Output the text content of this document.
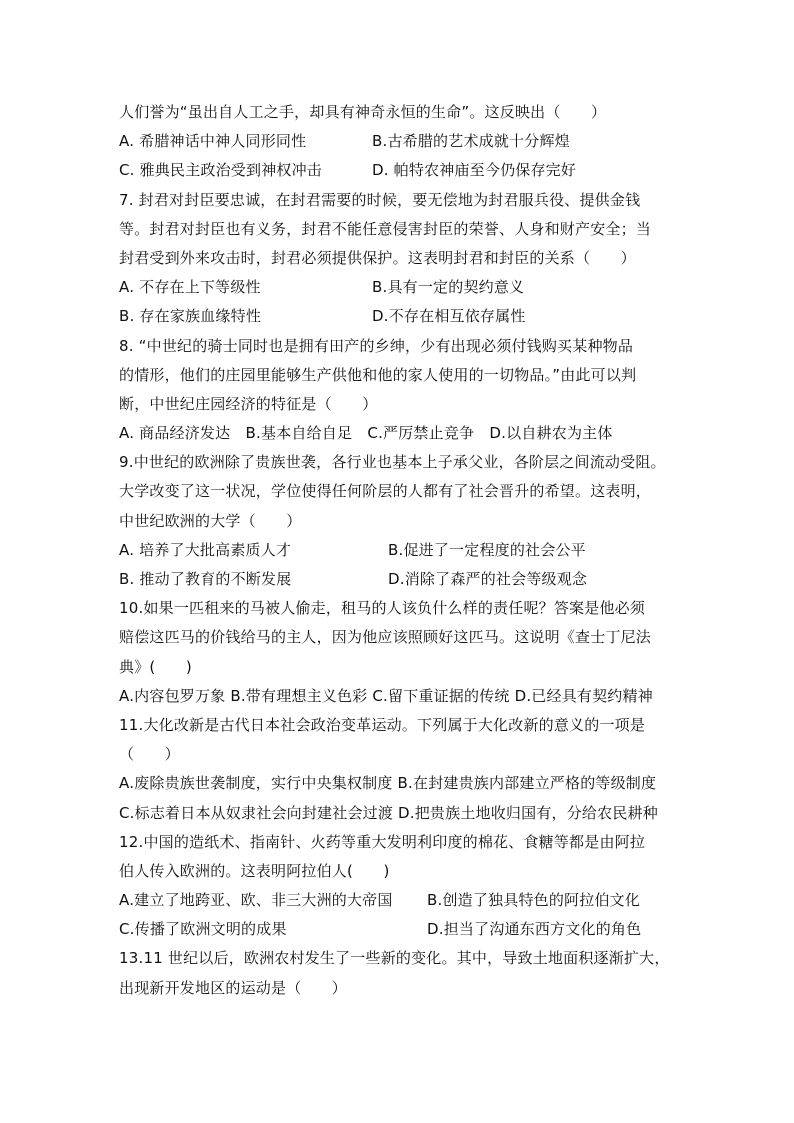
人们誉为“虽出自人工之手，却具有神奇永恒的生命”。这反映出（　　）
A. 希腊神话中神人同形同性	B.古希腊的艺术成就十分辉煌
C. 雅典民主政治受到神权冲击	D. 帕特农神庙至今仍保存完好
7. 封君对封臣要忠诚，在封君需要的时候，要无偿地为封君服兵役、提供金钱
等。封君对封臣也有义务，封君不能任意侵害封臣的荣誉、人身和财产安全；当
封君受到外来攻击时，封君必须提供保护。这表明封君和封臣的关系（　　）
A. 不存在上下等级性	B.具有一定的契约意义
B. 存在家族血缘特性	D.不存在相互依存属性
8. “中世纪的骑士同时也是拥有田产的乡绅，少有出现必须付钱购买某种物品
的情形，他们的庄园里能够生产供他和他的家人使用的一切物品。”由此可以判
断，中世纪庄园经济的特征是（　　）
A. 商品经济发达　B.基本自给自足　C.严厉禁止竞争　D.以自耕农为主体
9.中世纪的欧洲除了贵族世袭，各行业也基本上子承父业，各阶层之间流动受阻。
大学改变了这一状况，学位使得任何阶层的人都有了社会晋升的希望。这表明，
中世纪欧洲的大学（　　）
A. 培养了大批高素质人才	B.促进了一定程度的社会公平
B. 推动了教育的不断发展	D.消除了森严的社会等级观念
10.如果一匹租来的马被人偷走，租马的人该负什么样的责任呢？答案是他必须
赔偿这匹马的价钱给马的主人，因为他应该照顾好这匹马。这说明《查士丁尼法
典》(　　)
A.内容包罗万象 B.带有理想主义色彩 C.留下重证据的传统 D.已经具有契约精神
11.大化改新是古代日本社会政治变革运动。下列属于大化改新的意义的一项是
（　　）
A.废除贵族世袭制度，实行中央集权制度 B.在封建贵族内部建立严格的等级制度
C.标志着日本从奴隶社会向封建社会过渡 D.把贵族土地收归国有，分给农民耕种
12.中国的造纸术、指南针、火药等重大发明利印度的棉花、食糖等都是由阿拉
伯人传入欧洲的。这表明阿拉伯人(　　)
A.建立了地跨亚、欧、非三大洲的大帝国 B.创造了独具特色的阿拉伯文化
C.传播了欧洲文明的成果	D.担当了沟通东西方文化的角色
13.11 世纪以后，欧洲农村发生了一些新的变化。其中，导致土地面积逐渐扩大，
出现新开发地区的运动是（　　）
